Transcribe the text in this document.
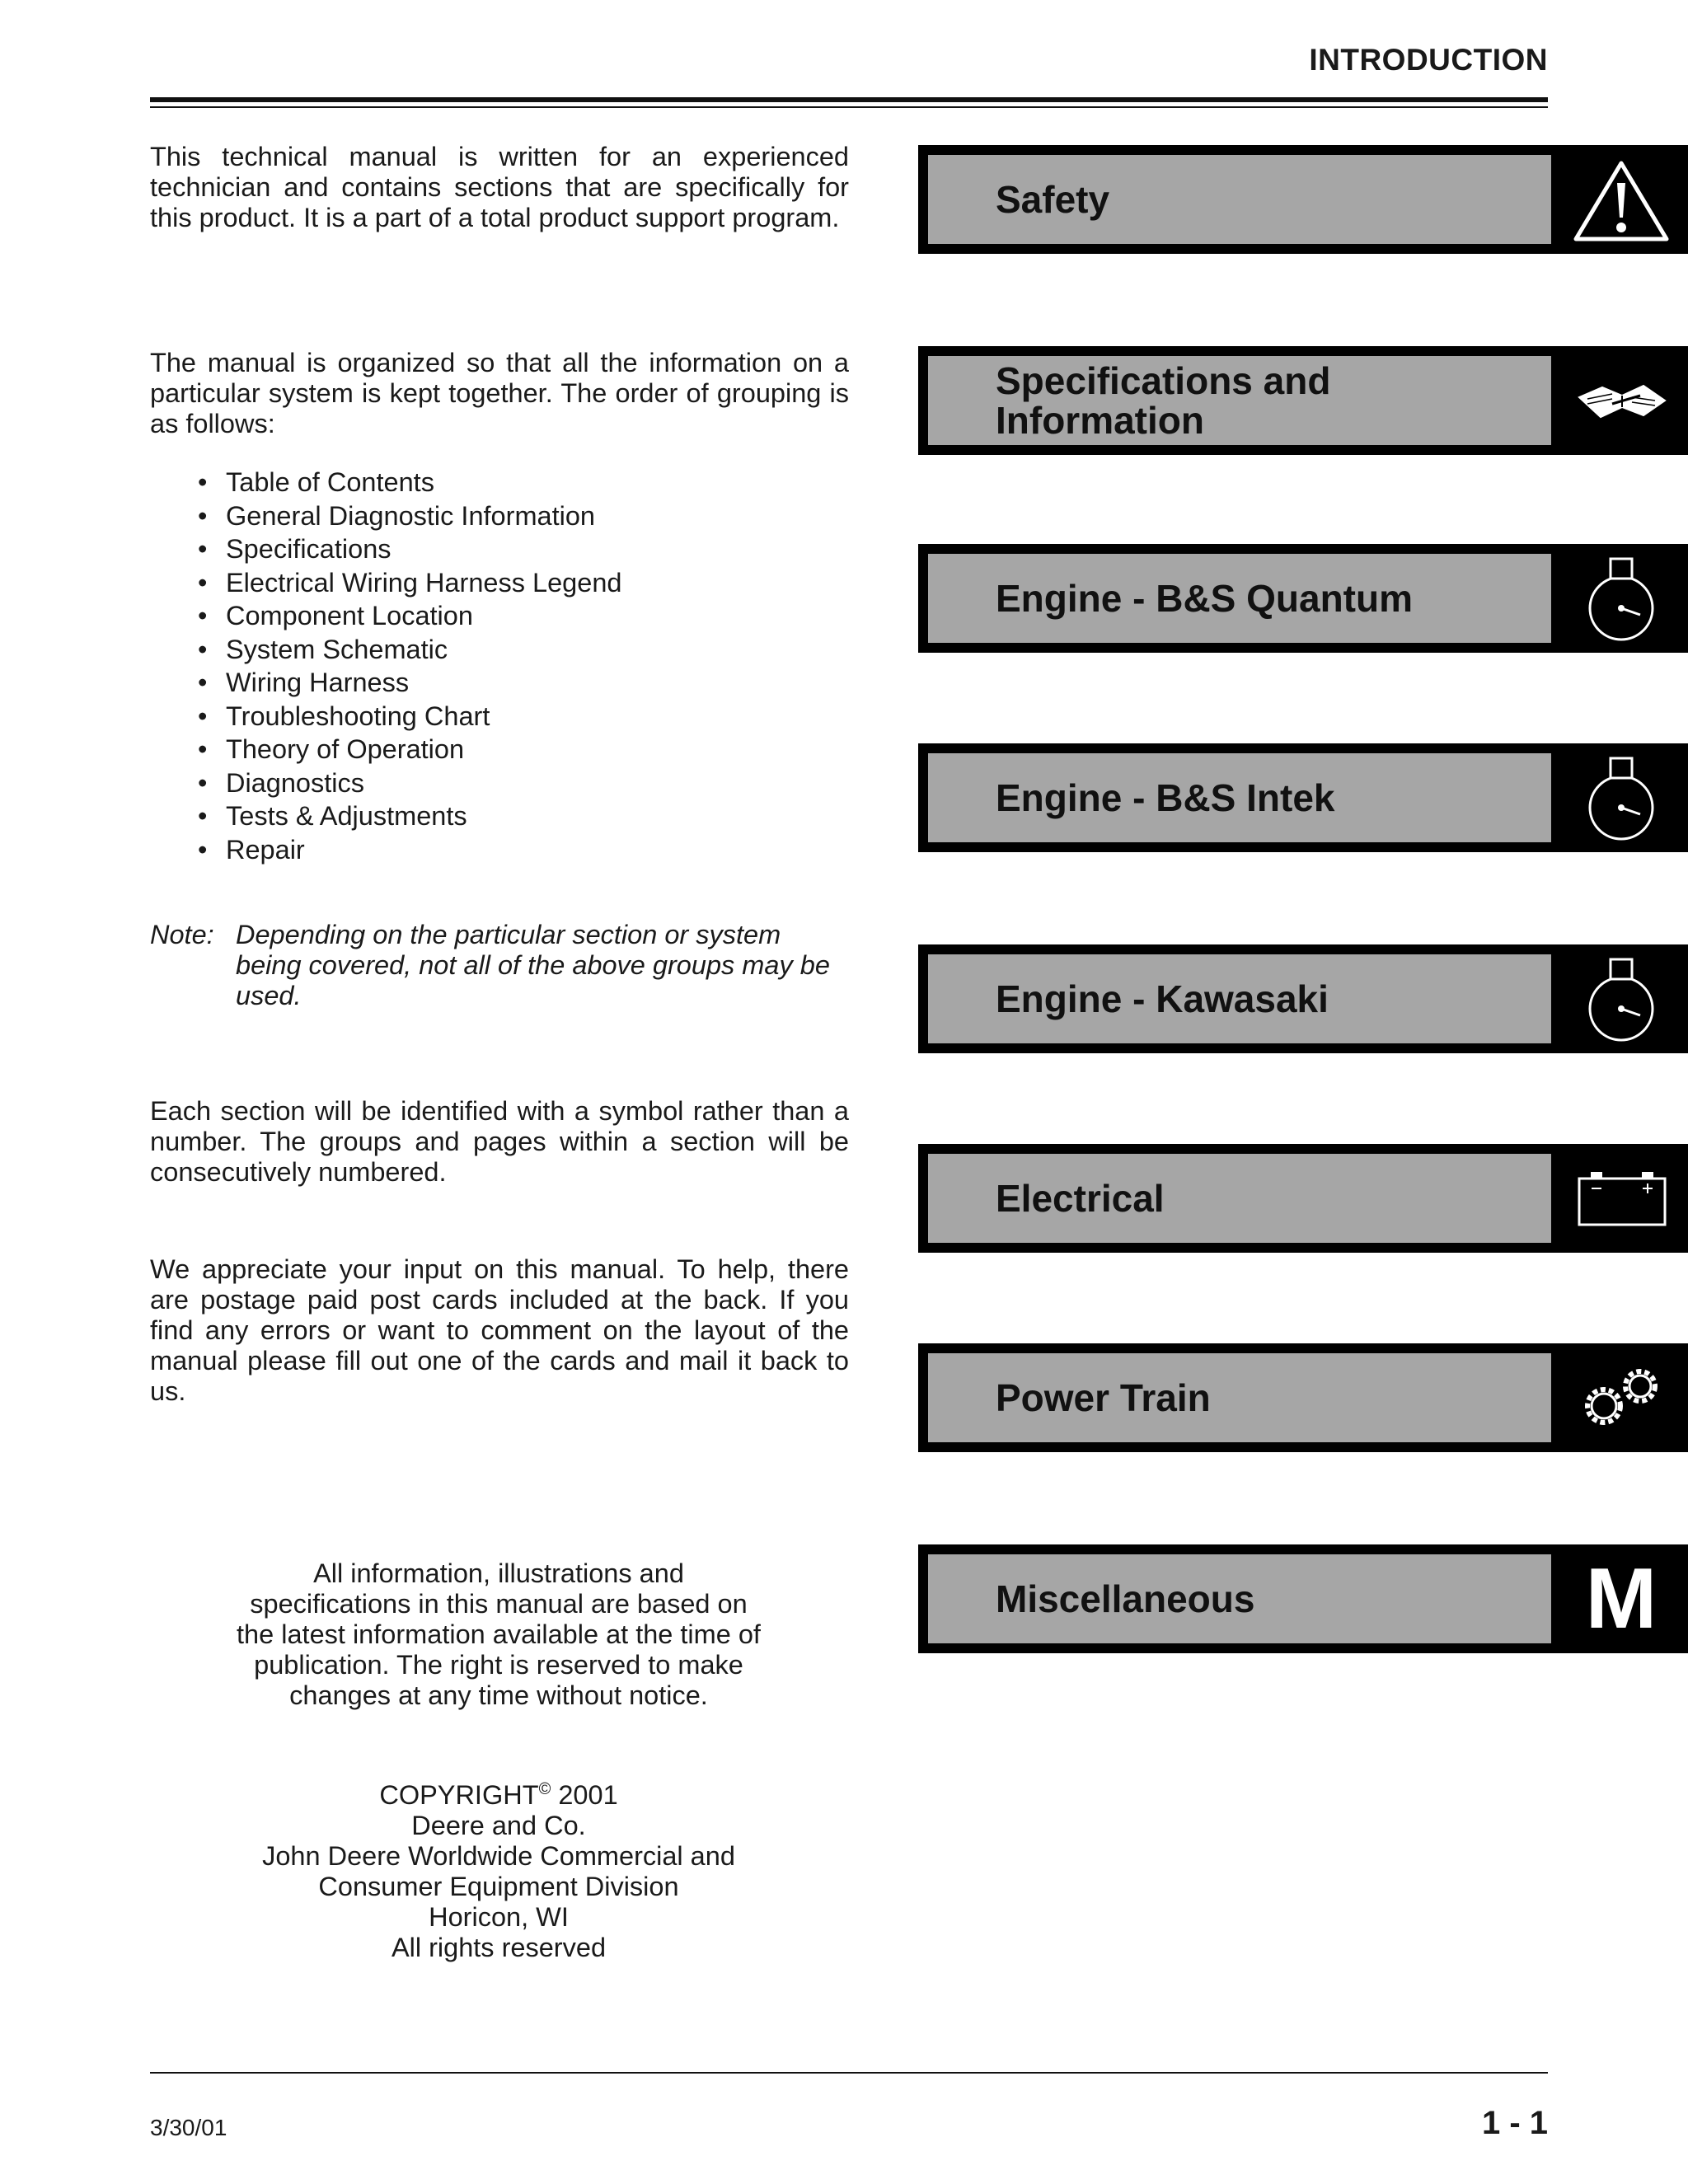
INTRODUCTION

This technical manual is written for an experienced technician and contains sections that are specifically for this product. It is a part of a total product support program.

The manual is organized so that all the information on a particular system is kept together. The order of grouping is as follows:

• Table of Contents
• General Diagnostic Information
• Specifications
• Electrical Wiring Harness Legend
• Component Location
• System Schematic
• Wiring Harness
• Troubleshooting Chart
• Theory of Operation
• Diagnostics
• Tests & Adjustments
• Repair
Note: Depending on the particular section or system
being covered, not all of the above groups may be
used.

Each section will be identified with a symbol rather than a number. The groups and pages within a section will be consecutively numbered.

We appreciate your input on this manual. To help, there are postage paid post cards included at the back. If you find any errors or want to comment on the layout of the manual please fill out one of the cards and mail it back to us.

All information, illustrations and
specifications in this manual are based on
the latest information available at the time of
publication. The right is reserved to make
changes at any time without notice.
COPYRIGHT© 2001
Deere and Co.
John Deere Worldwide Commercial and
Consumer Equipment Division
Horicon, WI
All rights reserved
Safety
Specifications and
Information
Engine - B&S Quantum
Engine - B&S Intek
Engine - Kawasaki
Electrical
Power Train
Miscellaneous	M
3/30/01	1 - 1
